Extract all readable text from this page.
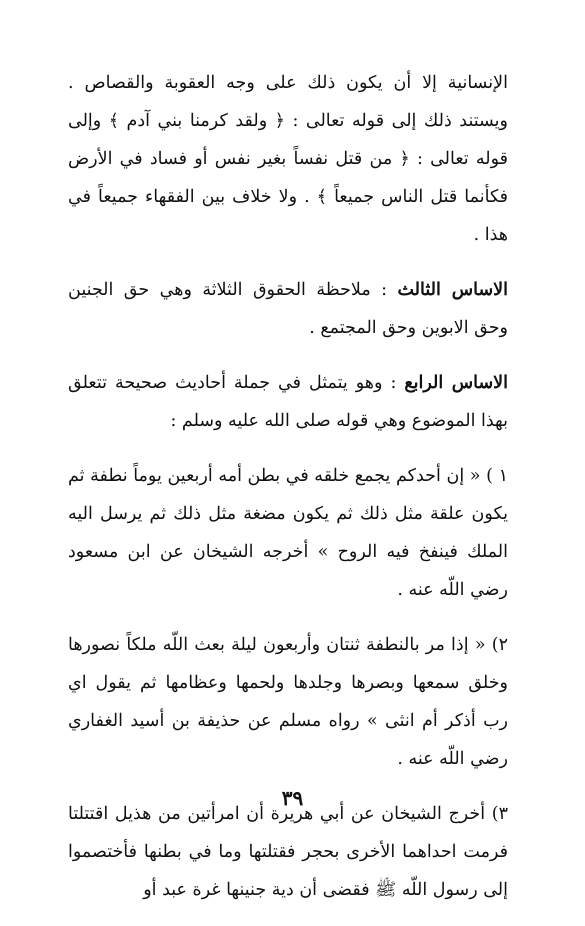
الإنسانية إلا أن يكون ذلك على وجه العقوبة والقصاص . ويستند ذلك إلى قوله تعالى : ﴿ ولقد كرمنا بني آدم ﴾ وإلى قوله تعالى : ﴿ من قتل نفساً بغير نفس أو فساد في الأرض فكأنما قتل الناس جميعاً ﴾ . ولا خلاف بين الفقهاء جميعاً في هذا .

الاساس الثالث : ملاحظة الحقوق الثلاثة وهي حق الجنين وحق الابوين وحق المجتمع .

الاساس الرابع : وهو يتمثل في جملة أحاديث صحيحة تتعلق بهذا الموضوع وهي قوله صلى الله عليه وسلم :

١ ) « إن أحدكم يجمع خلقه في بطن أمه أربعين يوماً نطفة ثم يكون علقة مثل ذلك ثم يكون مضغة مثل ذلك ثم يرسل اليه الملك فينفخ فيه الروح » أخرجه الشيخان عن ابن مسعود رضي اللّه عنه .

٢) « إذا مر بالنطفة ثنتان وأربعون ليلة بعث اللّه ملكاً نصورها وخلق سمعها وبصرها وجلدها ولحمها وعظامها ثم يقول اي رب أذكر أم انثى » رواه مسلم عن حذيفة بن أسيد الغفاري رضي اللّه عنه .

٣) أخرج الشيخان عن أبي هريرة أن امرأتين من هذيل اقتتلتا فرمت احداهما الأخرى بحجر فقتلتها وما في بطنها فأختصموا إلى رسول اللّه ﷺ فقضى أن دية جنينها غرة عبد أو

٣٩
